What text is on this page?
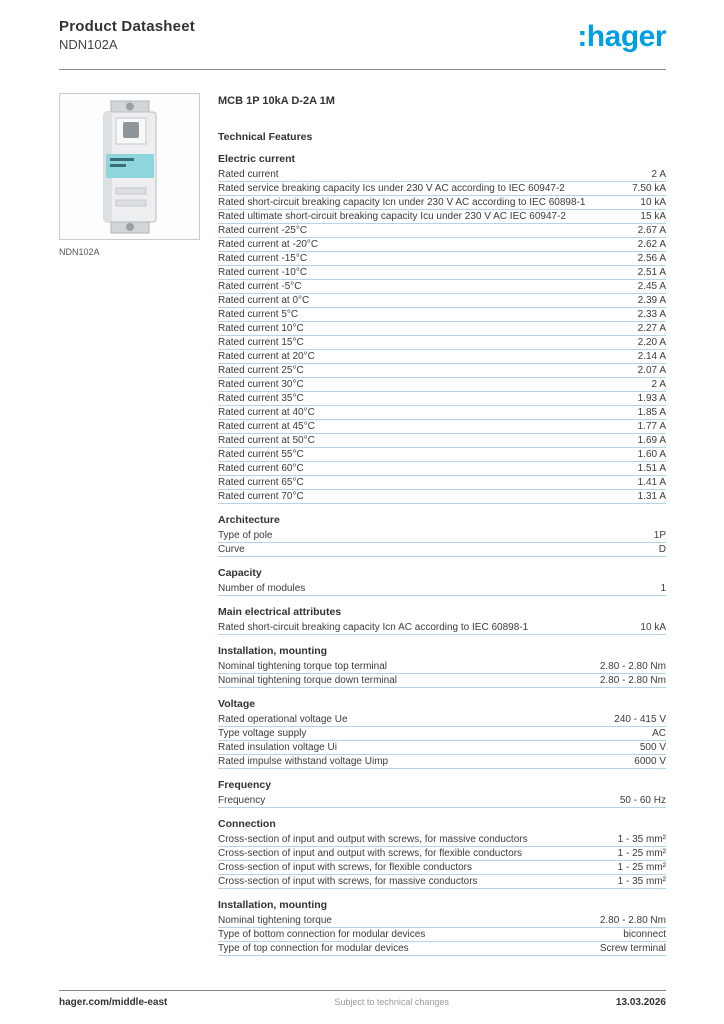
Product Datasheet
NDN102A	:hager
NDN102A
MCB 1P 10kA D-2A 1M
Technical Features
Electric current
Rated current	2 A
Rated service breaking capacity Ics under 230 V AC according to IEC 60947-2	7.50 kA
Rated short-circuit breaking capacity Icn under 230 V AC according to IEC 60898-1	10 kA
Rated ultimate short-circuit breaking capacity Icu under 230 V AC IEC 60947-2	15 kA
Rated current -25°C	2.67 A
Rated current at -20°C	2.62 A
Rated current -15°C	2.56 A
Rated current -10°C	2.51 A
Rated current -5°C	2.45 A
Rated current at 0°C	2.39 A
Rated current 5°C	2.33 A
Rated current 10°C	2.27 A
Rated current 15°C	2.20 A
Rated current at 20°C	2.14 A
Rated current 25°C	2.07 A
Rated current 30°C	2 A
Rated current 35°C	1.93 A
Rated current at 40°C	1.85 A
Rated current at 45°C	1.77 A
Rated current at 50°C	1.69 A
Rated current 55°C	1.60 A
Rated current 60°C	1.51 A
Rated current 65°C	1.41 A
Rated current 70°C	1.31 A
Architecture
Type of pole	1P
Curve	D
Capacity
Number of modules	1
Main electrical attributes
Rated short-circuit breaking capacity Icn AC according to IEC 60898-1	10 kA
Installation, mounting
Nominal tightening torque top terminal	2.80 - 2.80 Nm
Nominal tightening torque down terminal	2.80 - 2.80 Nm
Voltage
Rated operational voltage Ue	240 - 415 V
Type voltage supply	AC
Rated insulation voltage Ui	500 V
Rated impulse withstand voltage Uimp	6000 V
Frequency
Frequency	50 - 60 Hz
Connection
Cross-section of input and output with screws, for massive conductors	1 - 35 mm²
Cross-section of input and output with screws, for flexible conductors	1 - 25 mm²
Cross-section of input with screws, for flexible conductors	1 - 25 mm²
Cross-section of input with screws, for massive conductors	1 - 35 mm²
Installation, mounting
Nominal tightening torque	2.80 - 2.80 Nm
Type of bottom connection for modular devices	biconnect
Type of top connection for modular devices	Screw terminal
hager.com/middle-east	Subject to technical changes	13.03.2026
